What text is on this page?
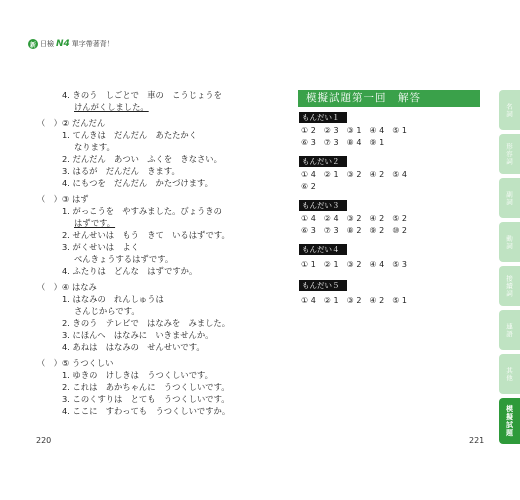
新 日檢 N4 單字帶著背！
4. きのう　しごとで　車の　こうじょうを
けんがくしました。
（　）② だんだん
1. てんきは　だんだん　あたたかく
なります。
2. だんだん　あつい　ふくを　きなさい。
3. はるが　だんだん　きます。
4. にもつを　だんだん　かたづけます。
（　）③ はず
1. がっこうを　やすみました。びょうきの
はずです。
2. せんせいは　もう　きて　いるはずです。
3. がくせいは　よく
べんきょうするはずです。
4. ふたりは　どんな　はずですか。
（　）④ はなみ
1. はなみの　れんしゅうは
さんじからです。
2. きのう　テレビで　はなみを　みました。
3. にほんへ　はなみに　いきませんか。
4. あねは　はなみの　せんせいです。
（　）⑤ うつくしい
1. ゆきの　けしきは　うつくしいです。
2. これは　あかちゃんに　うつくしいです。
3. このくすりは　とても　うつくしいです。
4. ここに　すわっても　うつくしいですか。
220	221
模擬試題第一回　解答
もんだい１
① 2　② 3　③ 1　④ 4　⑤ 1
⑥ 3　⑦ 3　⑧ 4　⑨ 1
もんだい２
① 4　② 1　③ 2　④ 2　⑤ 4
⑥ 2
もんだい３
① 4　② 4　③ 2　④ 2　⑤ 2
⑥ 3　⑦ 3　⑧ 2　⑨ 2　⑩ 2
もんだい４
① 1　② 1　③ 2　④ 4　⑤ 3
もんだい５
① 4　② 1　③ 2　④ 2　⑤ 1
名詞
形容詞
副詞
動詞
接續詞
連語
其他
模擬試題
